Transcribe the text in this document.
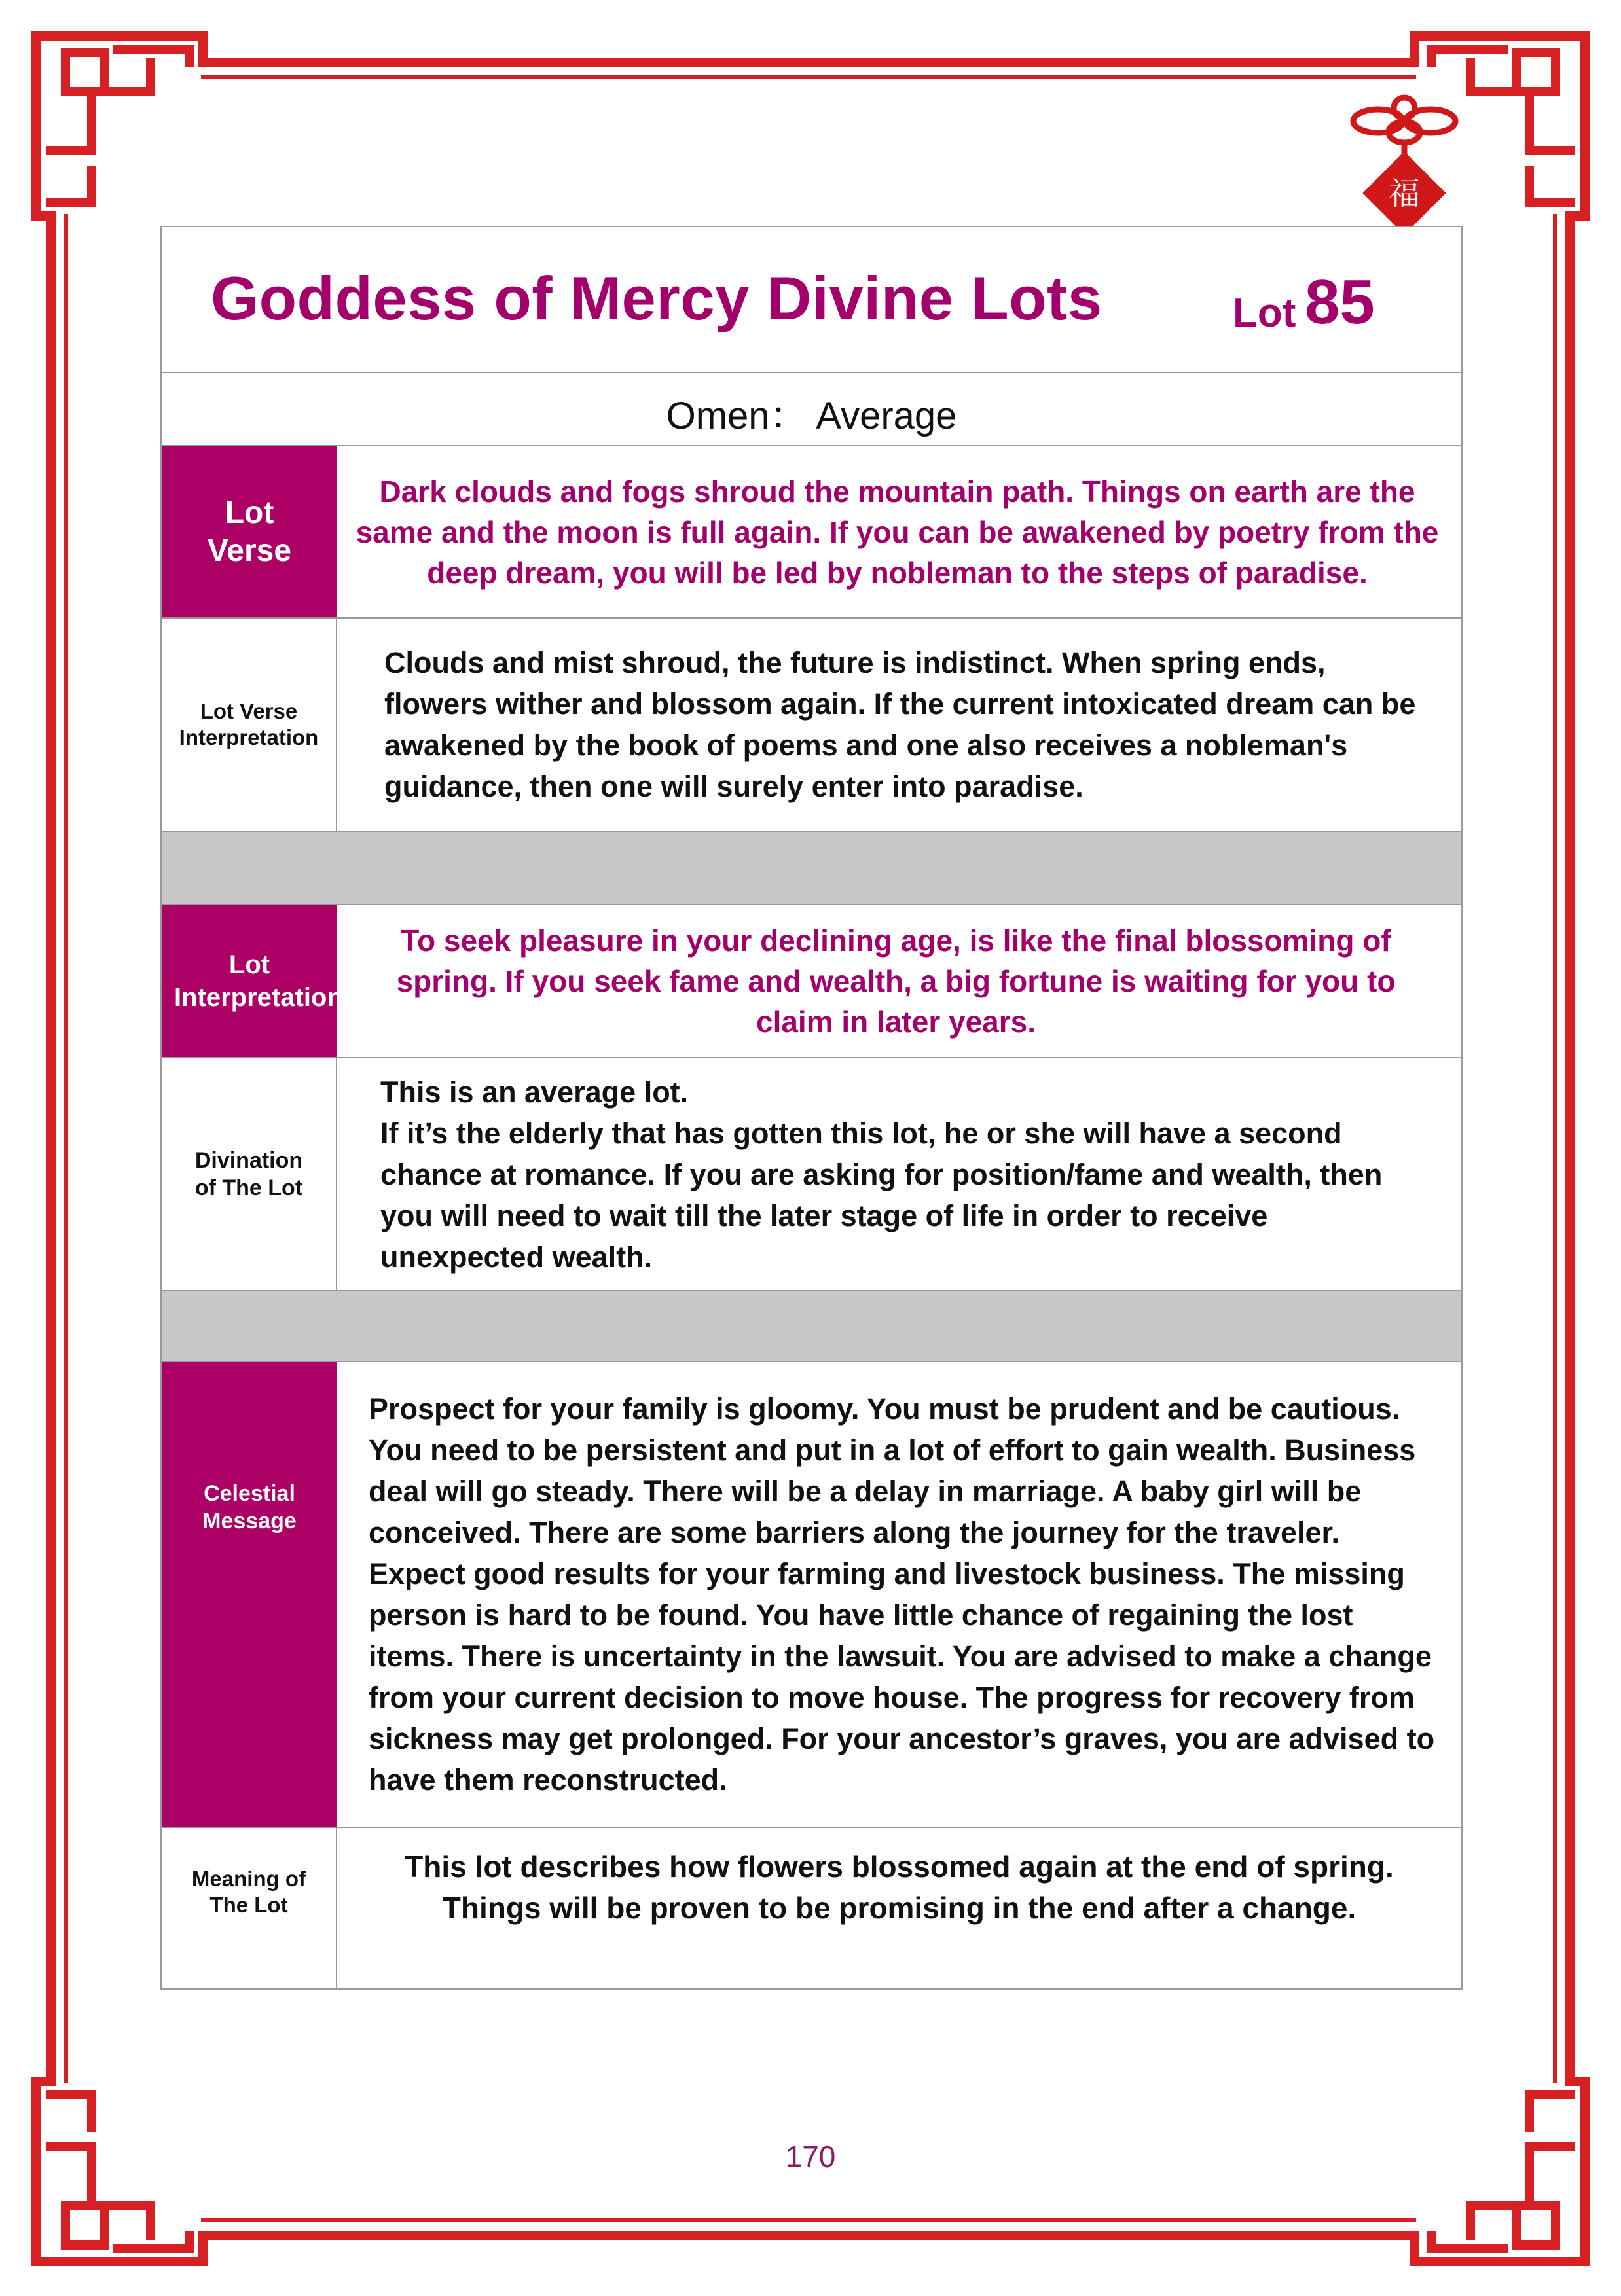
福
Goddess of Mercy Divine Lots	Lot 85
Omen： Average
Lot Verse
Dark clouds and fogs shroud the mountain path. Things on earth are the same and the moon is full again. If you can be awakened by poetry from the deep dream, you will be led by nobleman to the steps of paradise.
Lot Verse Interpretation
Clouds and mist shroud, the future is indistinct. When spring ends, flowers wither and blossom again. If the current intoxicated dream can be awakened by the book of poems and one also receives a nobleman's guidance, then one will surely enter into paradise.
Lot Interpretation
To seek pleasure in your declining age, is like the final blossoming of spring. If you seek fame and wealth, a big fortune is waiting for you to claim in later years.
Divination of The Lot
This is an average lot.
If it’s the elderly that has gotten this lot, he or she will have a second chance at romance. If you are asking for position/fame and wealth, then you will need to wait till the later stage of life in order to receive unexpected wealth.
Celestial Message
Prospect for your family is gloomy. You must be prudent and be cautious. You need to be persistent and put in a lot of effort to gain wealth. Business deal will go steady. There will be a delay in marriage. A baby girl will be conceived. There are some barriers along the journey for the traveler. Expect good results for your farming and livestock business. The missing person is hard to be found. You have little chance of regaining the lost items. There is uncertainty in the lawsuit. You are advised to make a change from your current decision to move house. The progress for recovery from sickness may get prolonged. For your ancestor’s graves, you are advised to have them reconstructed.
Meaning of The Lot
This lot describes how flowers blossomed again at the end of spring. Things will be proven to be promising in the end after a change.
170
